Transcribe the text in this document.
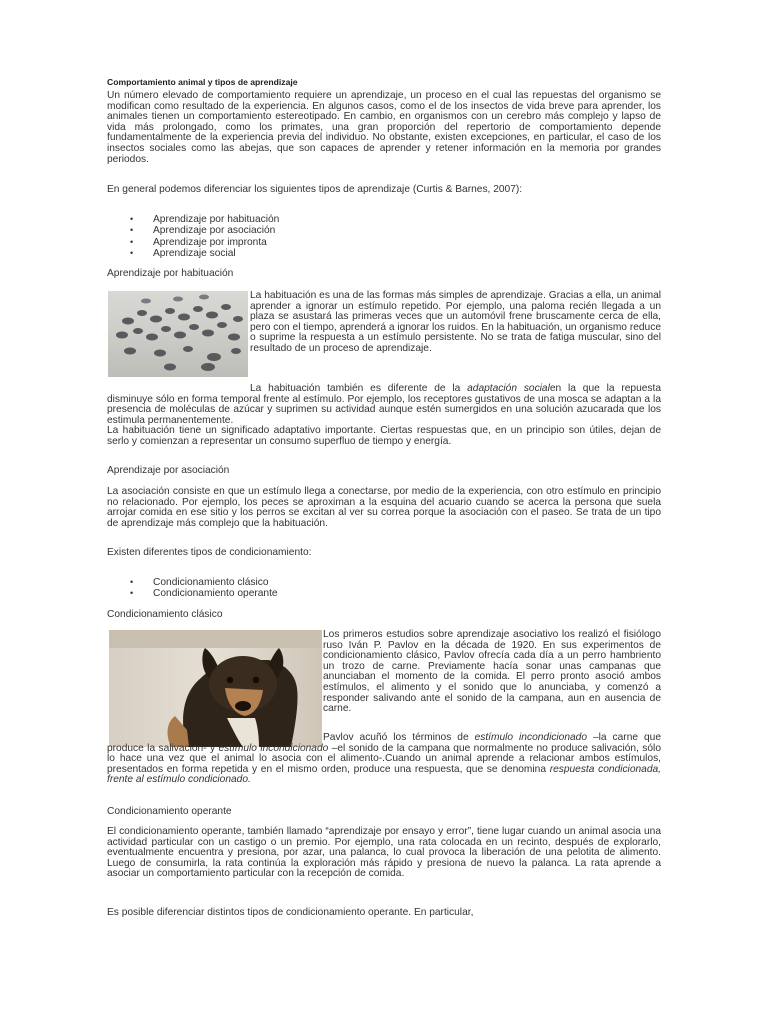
Comportamiento animal y tipos de aprendizaje

Un número elevado de comportamiento requiere un aprendizaje, un proceso en el cual las repuestas del organismo se modifican como resultado de la experiencia. En algunos casos, como el de los insectos de vida breve para aprender, los animales tienen un comportamiento estereotipado. En cambio, en organismos con un cerebro más complejo y lapso de vida más prolongado, como los primates, una gran proporción del repertorio de comportamiento depende fundamentalmente de la experiencia previa del individuo. No obstante, existen excepciones, en particular, el caso de los insectos sociales como las abejas, que son capaces de aprender y retener información en la memoria por grandes periodos.

En general podemos diferenciar los siguientes tipos de aprendizaje (Curtis & Barnes, 2007):

• Aprendizaje por habituación
• Aprendizaje por asociación
• Aprendizaje por impronta
• Aprendizaje social
Aprendizaje por habituación

La habituación es una de las formas más simples de aprendizaje. Gracias a ella, un animal aprender a ignorar un estímulo repetido. Por ejemplo, una paloma recién llegada a un plaza se asustará las primeras veces que un automóvil frene bruscamente cerca de ella, pero con el tiempo, aprenderá a ignorar los ruidos. En la habituación, un organismo reduce o suprime la respuesta a un estímulo persistente. No se trata de fatiga muscular, sino del resultado de un proceso de aprendizaje.

La habituación también es diferente de la adaptación socialen la que la repuesta disminuye sólo en forma temporal frente al estímulo. Por ejemplo, los receptores gustativos de una mosca se adaptan a la presencia de moléculas de azúcar y suprimen su actividad aunque estén sumergidos en una solución azucarada que los estimula permanentemente.
La habituación tiene un significado adaptativo importante. Ciertas respuestas que, en un principio son útiles, dejan de serlo y comienzan a representar un consumo superfluo de tiempo y energía.

Aprendizaje por asociación

La asociación consiste en que un estímulo llega a conectarse, por medio de la experiencia, con otro estímulo en principio no relacionado. Por ejemplo, los peces se aproximan a la esquina del acuario cuando se acerca la persona que suela arrojar comida en ese sitio y los perros se excitan al ver su correa porque la asociación con el paseo. Se trata de un tipo de aprendizaje más complejo que la habituación.

Existen diferentes tipos de condicionamiento:

• Condicionamiento clásico
• Condicionamiento operante
Condicionamiento clásico

Los primeros estudios sobre aprendizaje asociativo los realizó el fisiólogo ruso Iván P. Pavlov en la década de 1920. En sus experimentos de condicionamiento clásico, Pavlov ofrecía cada día a un perro hambriento un trozo de carne. Previamente hacía sonar unas campanas que anunciaban el momento de la comida. El perro pronto asoció ambos estímulos, el alimento y el sonido que lo anunciaba, y comenzó a responder salivando ante el sonido de la campana, aun en ausencia de carne.

Pavlov acuñó los términos de estímulo incondicionado –la carne que produce la salivación- y estímulo incondicionado –el sonido de la campana que normalmente no produce salivación, sólo lo hace una vez que el animal lo asocia con el alimento-.Cuando un animal aprende a relacionar ambos estímulos, presentados en forma repetida y en el mismo orden, produce una respuesta, que se denomina respuesta condicionada, frente al estímulo condicionado.

Condicionamiento operante

El condicionamiento operante, también llamado “aprendizaje por ensayo y error”, tiene lugar cuando un animal asocia una actividad particular con un castigo o un premio. Por ejemplo, una rata colocada en un recinto, después de explorarlo, eventualmente encuentra y presiona, por azar, una palanca, lo cual provoca la liberación de una pelotita de alimento. Luego de consumirla, la rata continúa la exploración más rápido y presiona de nuevo la palanca. La rata aprende a asociar un comportamiento particular con la recepción de comida.

Es posible diferenciar distintos tipos de condicionamiento operante. En particular,
